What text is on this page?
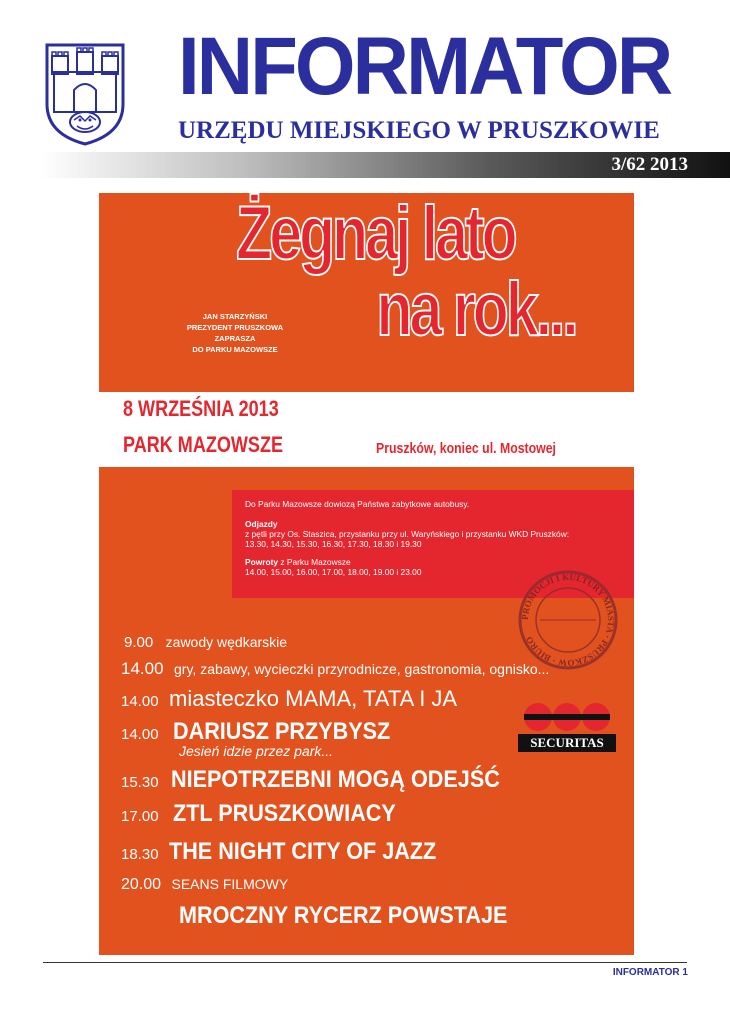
INFORMATOR
URZĘDU MIEJSKIEGO W PRUSZKOWIE
3/62 2013
Żegnaj lato
na rok...
JAN STARZYŃSKI
PREZYDENT PRUSZKOWA
ZAPRASZA
DO PARKU MAZOWSZE
8 WRZEŚNIA 2013
PARK MAZOWSZE	Pruszków, koniec ul. Mostowej
Do Parku Mazowsze dowiozą Państwa zabytkowe autobusy.
Odjazdy
z pętli przy Os. Staszica, przystanku przy ul. Waryńskiego i przystanku WKD Pruszków:
13.30, 14.30, 15.30, 16.30, 17.30, 18.30 i 19.30
Powroty z Parku Mazowsze
14.00, 15.00, 16.00, 17.00, 18.00, 19.00 i 23.00
PROMOCJI I KULTURY MIASTA · PRUSZKÓW · BIURO
9.00 zawody wędkarskie
14.00 gry, zabawy, wycieczki przyrodnicze, gastronomia, ognisko...
14.00 miasteczko MAMA, TATA I JA
14.00 DARIUSZ PRZYBYSZ
Jesień idzie przez park...
15.30 NIEPOTRZEBNI MOGĄ ODEJŚĆ
17.00 ZTL PRUSZKOWIACY
18.30 THE NIGHT CITY OF JAZZ
20.00 SEANS FILMOWY
MROCZNY RYCERZ POWSTAJE
SECURITAS
INFORMATOR 1
